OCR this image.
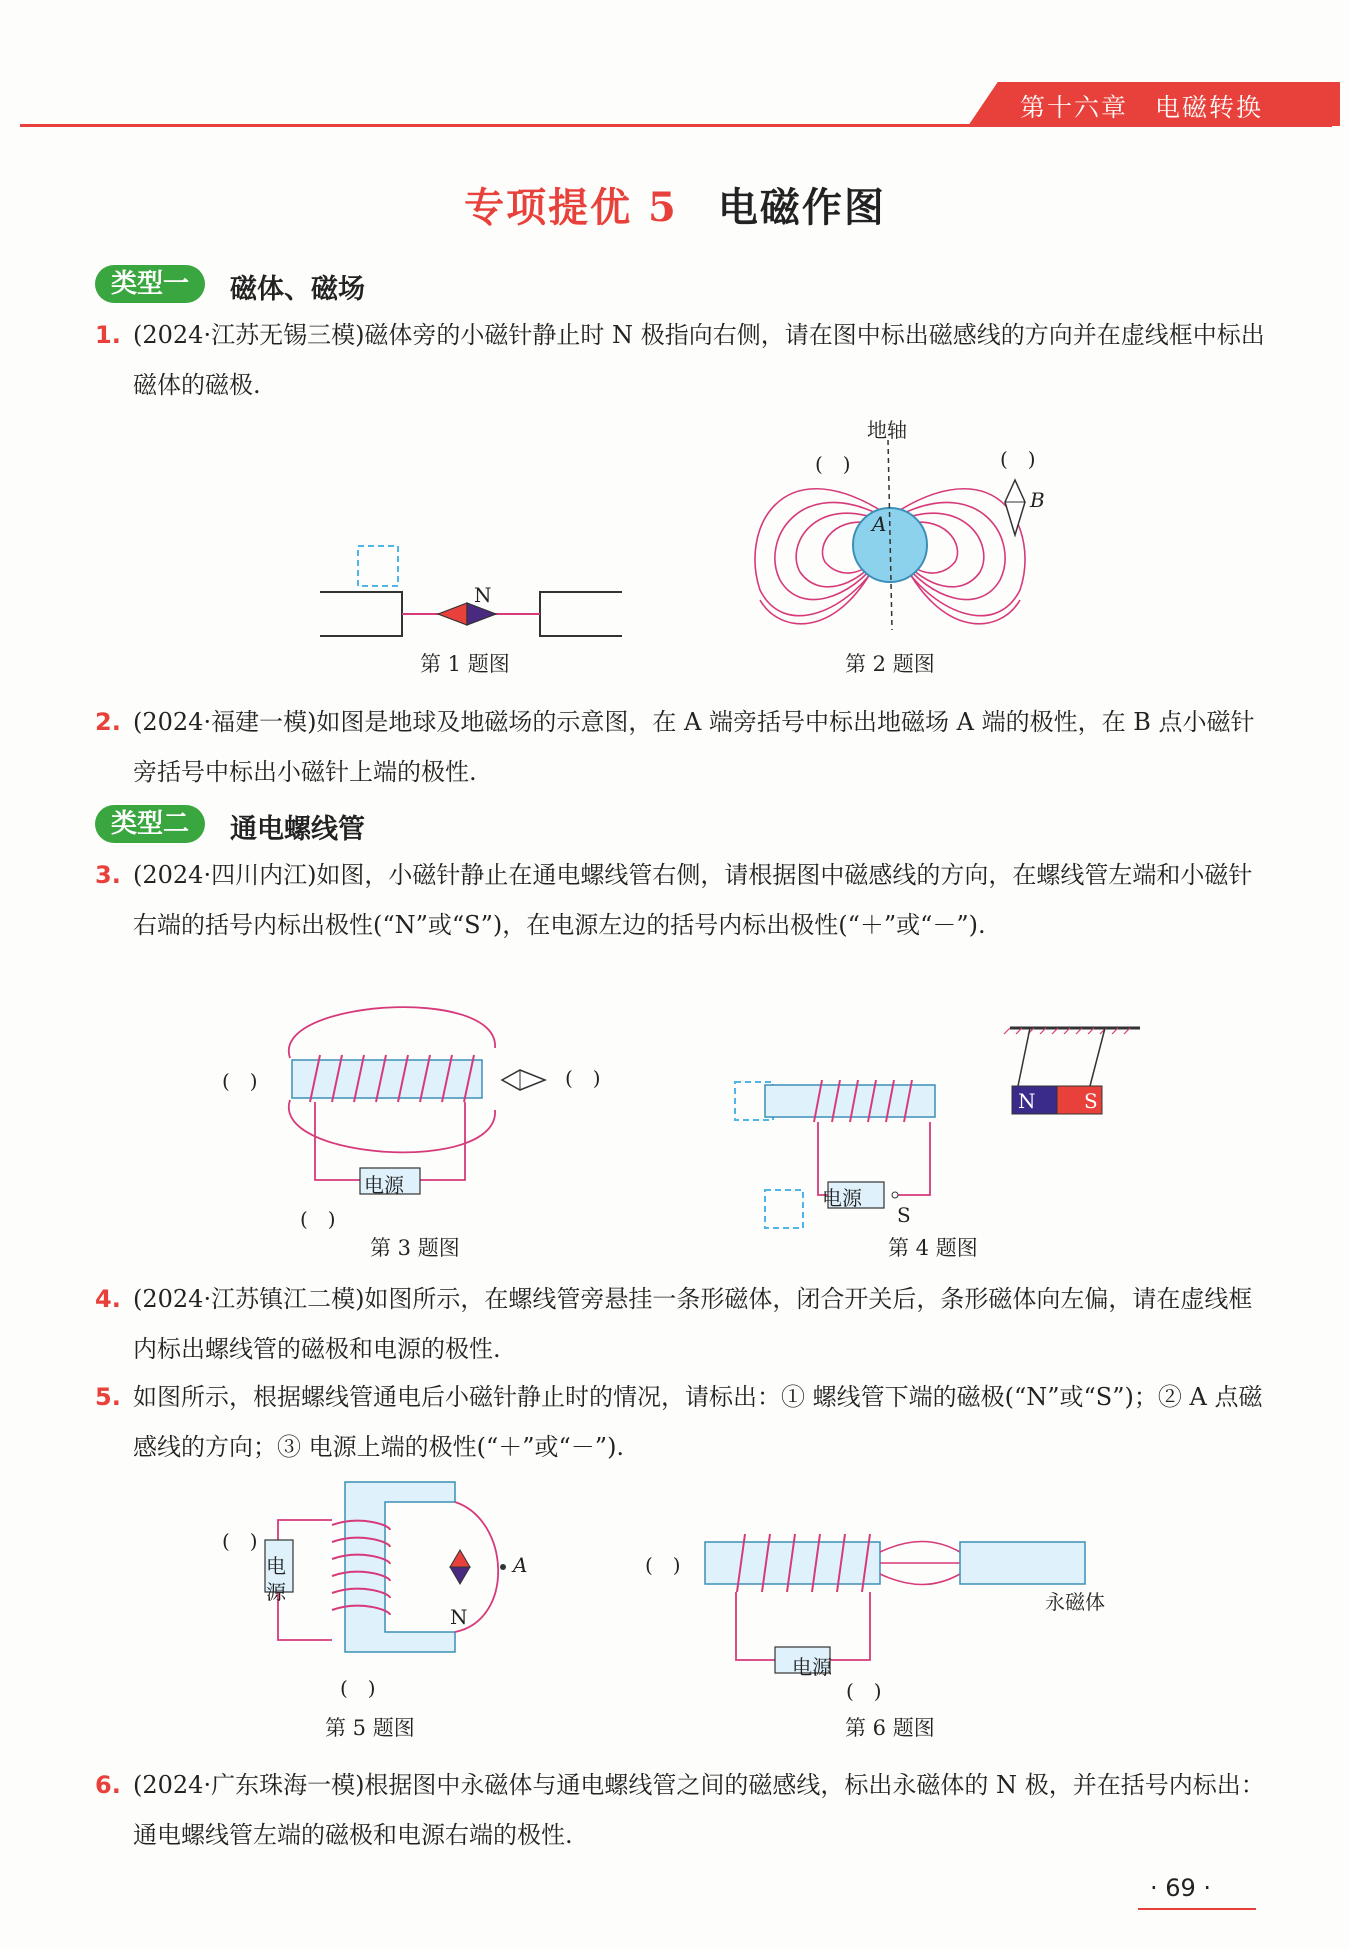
第十六章　电磁转换
专项提优 5 电磁作图
类型一	磁体、磁场
1. (2024·江苏无锡三模)磁体旁的小磁针静止时 N 极指向右侧，请在图中标出磁感线的方向并在虚线框中标出磁体的磁极.
N
第 1 题图
地轴
(　)	(　)
A
B
第 2 题图
2. (2024·福建一模)如图是地球及地磁场的示意图，在 A 端旁括号中标出地磁场 A 端的极性，在 B 点小磁针旁括号中标出小磁针上端的极性.
类型二	通电螺线管
3. (2024·四川内江)如图，小磁针静止在通电螺线管右侧，请根据图中磁感线的方向，在螺线管左端和小磁针右端的括号内标出极性(“N”或“S”)，在电源左边的括号内标出极性(“＋”或“－”).
电源
(　)	(　)
(　)
第 3 题图
电源
S
N S
第 4 题图
4. (2024·江苏镇江二模)如图所示，在螺线管旁悬挂一条形磁体，闭合开关后，条形磁体向左偏，请在虚线框内标出螺线管的磁极和电源的极性.
5. 如图所示，根据螺线管通电后小磁针静止时的情况，请标出：① 螺线管下端的磁极(“N”或“S”)；② A 点磁感线的方向；③ 电源上端的极性(“＋”或“－”).
电
源
N
A
(　)
(　)
第 5 题图
电源
永磁体
(　)
(　)
第 6 题图
6. (2024·广东珠海一模)根据图中永磁体与通电螺线管之间的磁感线，标出永磁体的 N 极，并在括号内标出：通电螺线管左端的磁极和电源右端的极性.
· 69 ·
